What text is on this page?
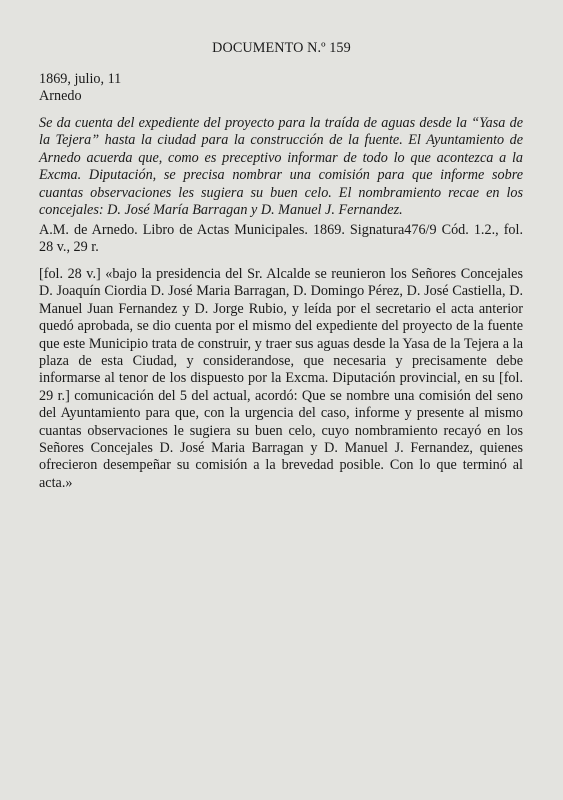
DOCUMENTO N.º 159
1869, julio, 11
Arnedo

Se da cuenta del expediente del proyecto para la traída de aguas desde la “Yasa de la Tejera” hasta la ciudad para la construcción de la fuente. El Ayuntamiento de Arnedo acuerda que, como es preceptivo informar de todo lo que acontezca a la Excma. Diputación, se precisa nombrar una comisión para que informe sobre cuantas observaciones les sugiera su buen celo. El nombramiento recae en los concejales: D. José María Barragan y D. Manuel J. Fernandez.

A.M. de Arnedo. Libro de Actas Municipales. 1869. Signatura476/9 Cód. 1.2., fol. 28 v., 29 r.

[fol. 28 v.] «bajo la presidencia del Sr. Alcalde se reunieron los Señores Concejales D. Joaquín Ciordia D. José Maria Barragan, D. Domingo Pérez, D. José Castiella, D. Manuel Juan Fernandez y D. Jorge Rubio, y leída por el secretario el acta anterior quedó aprobada, se dio cuenta por el mismo del expediente del proyecto de la fuente que este Municipio trata de construir, y traer sus aguas desde la Yasa de la Tejera a la plaza de esta Ciudad, y considerandose, que necesaria y precisamente debe informarse al tenor de los dispuesto por la Excma. Diputación provincial, en su [fol. 29 r.] comunicación del 5 del actual, acordó: Que se nombre una comisión del seno del Ayuntamiento para que, con la urgencia del caso, informe y presente al mismo cuantas observaciones le sugiera su buen celo, cuyo nombramiento recayó en los Señores Concejales D. José Maria Barragan y D. Manuel J. Fernandez, quienes ofrecieron desempeñar su comisión a la brevedad posible. Con lo que terminó al acta.»
